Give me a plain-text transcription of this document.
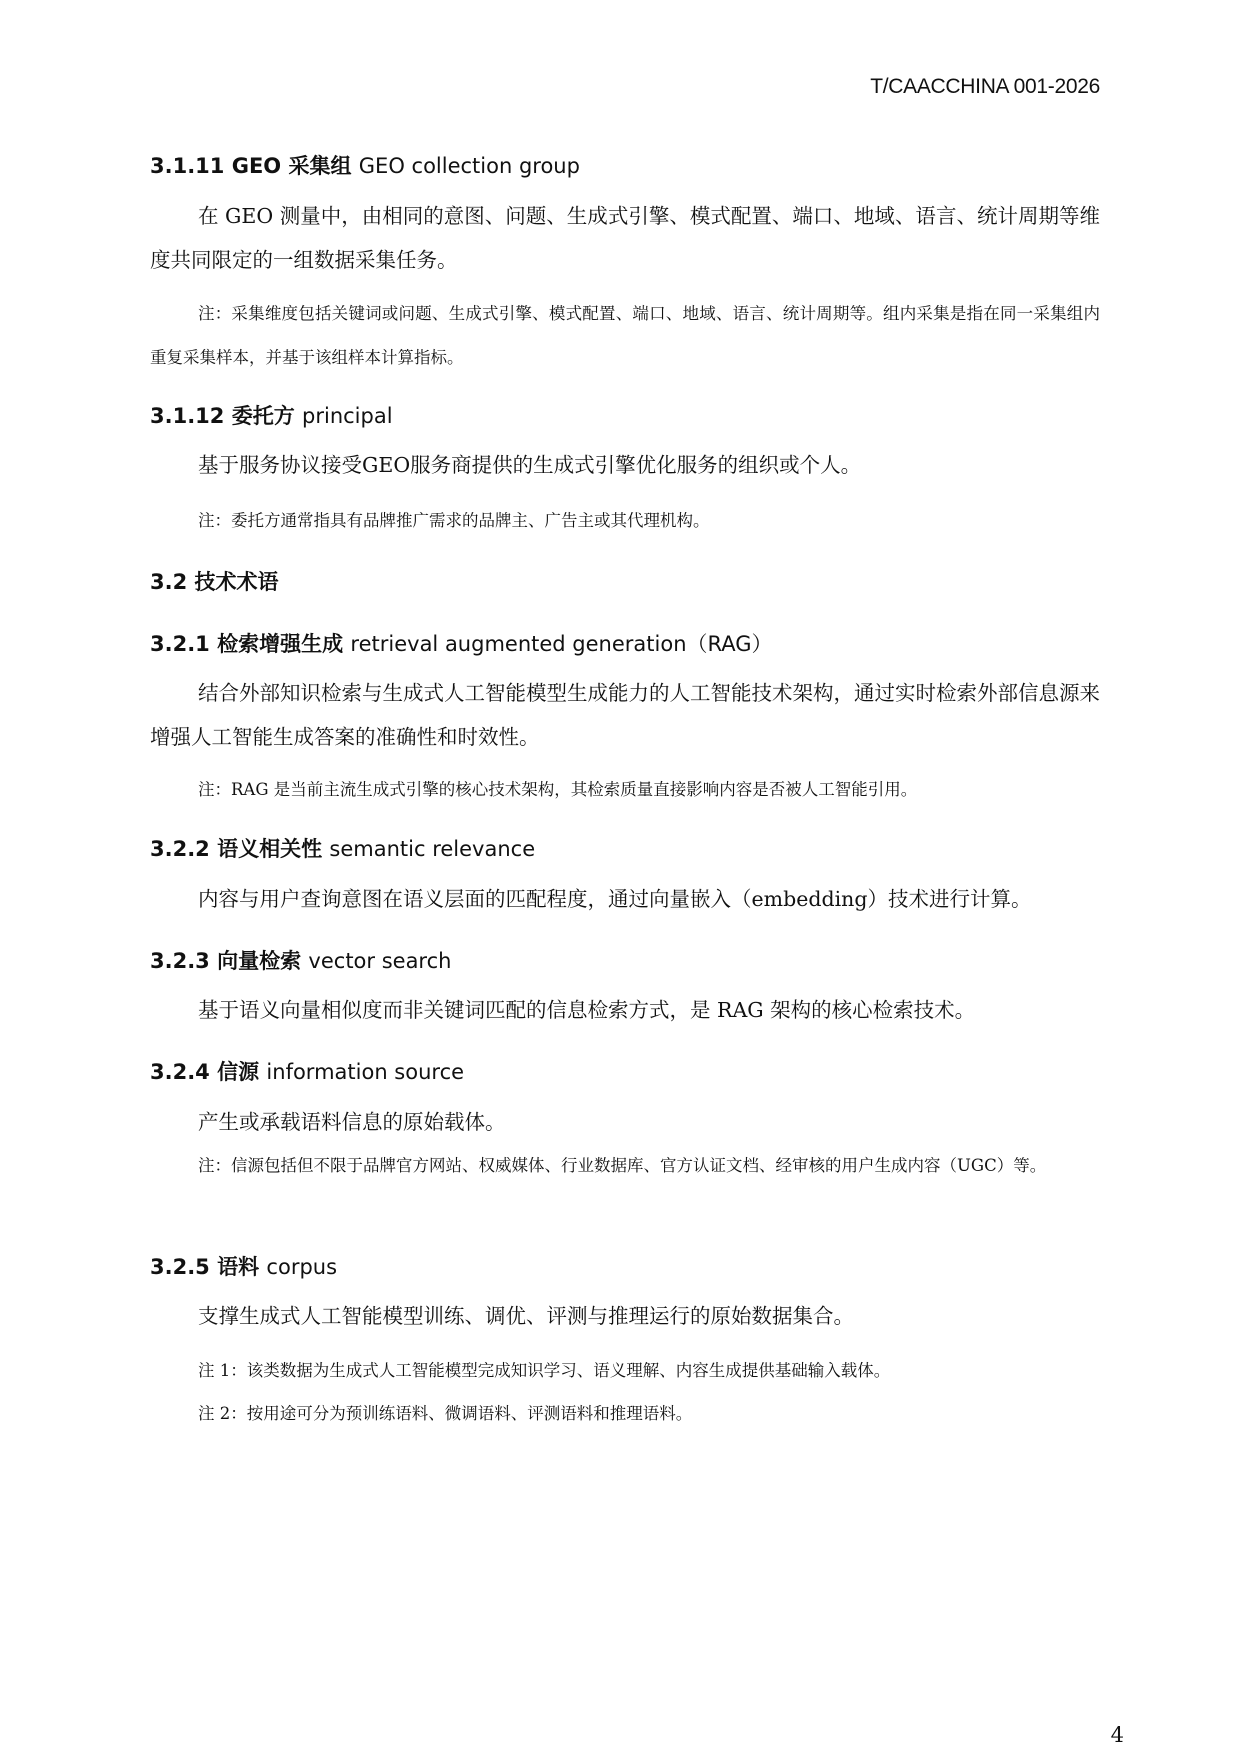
T/CAACCHINA 001-2026
3.1.11 GEO 采集组 GEO collection group
在 GEO 测量中，由相同的意图、问题、生成式引擎、模式配置、端口、地域、语言、统计周期等维度共同限定的一组数据采集任务。
注：采集维度包括关键词或问题、生成式引擎、模式配置、端口、地域、语言、统计周期等。组内采集是指在同一采集组内重复采集样本，并基于该组样本计算指标。
3.1.12 委托方 principal
基于服务协议接受GEO服务商提供的生成式引擎优化服务的组织或个人。
注：委托方通常指具有品牌推广需求的品牌主、广告主或其代理机构。
3.2 技术术语
3.2.1 检索增强生成 retrieval augmented generation（RAG）
结合外部知识检索与生成式人工智能模型生成能力的人工智能技术架构，通过实时检索外部信息源来增强人工智能生成答案的准确性和时效性。
注：RAG 是当前主流生成式引擎的核心技术架构，其检索质量直接影响内容是否被人工智能引用。
3.2.2 语义相关性 semantic relevance
内容与用户查询意图在语义层面的匹配程度，通过向量嵌入（embedding）技术进行计算。
3.2.3 向量检索 vector search
基于语义向量相似度而非关键词匹配的信息检索方式，是 RAG 架构的核心检索技术。
3.2.4 信源 information source
产生或承载语料信息的原始载体。
注：信源包括但不限于品牌官方网站、权威媒体、行业数据库、官方认证文档、经审核的用户生成内容（UGC）等。
3.2.5 语料 corpus
支撑生成式人工智能模型训练、调优、评测与推理运行的原始数据集合。
注 1：该类数据为生成式人工智能模型完成知识学习、语义理解、内容生成提供基础输入载体。
注 2：按用途可分为预训练语料、微调语料、评测语料和推理语料。
4
